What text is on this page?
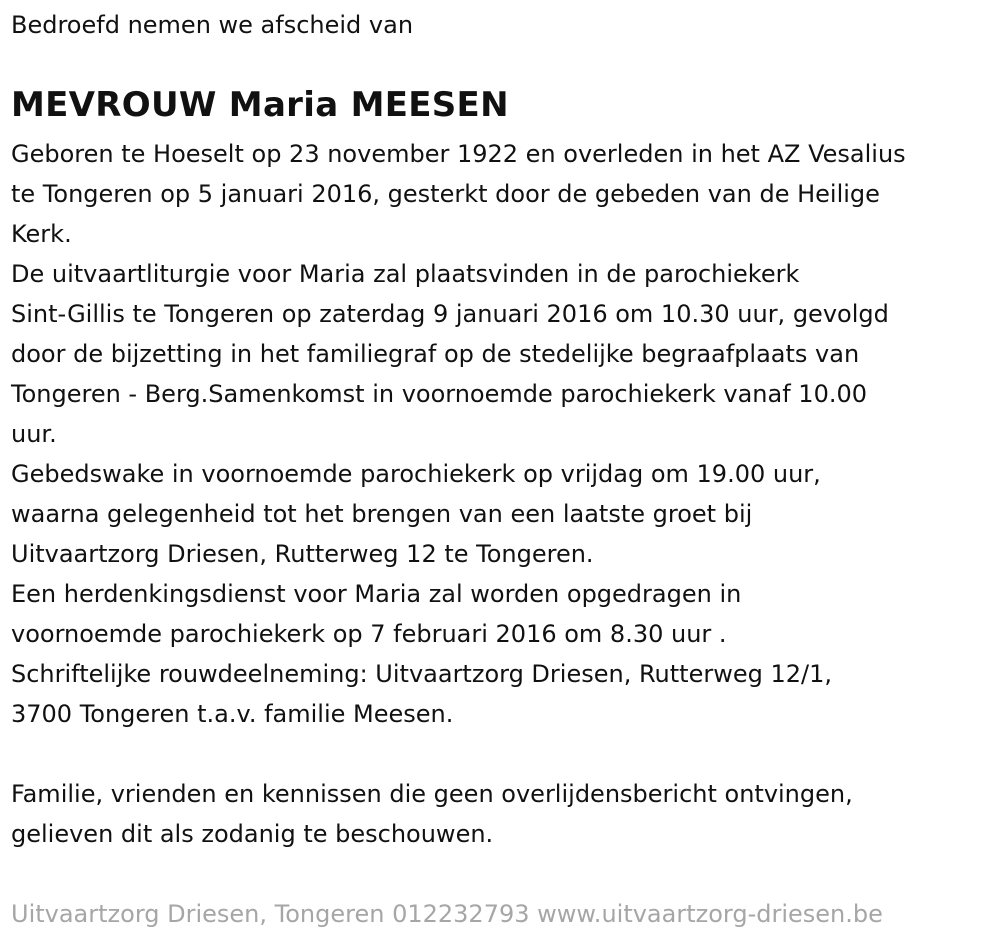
Bedroefd nemen we afscheid van
MEVROUW Maria MEESEN
Geboren te Hoeselt op 23 november 1922 en overleden in het AZ Vesalius
te Tongeren op 5 januari 2016, gesterkt door de gebeden van de Heilige
Kerk.
De uitvaartliturgie voor Maria zal plaatsvinden in de parochiekerk
Sint-Gillis te Tongeren op zaterdag 9 januari 2016 om 10.30 uur, gevolgd
door de bijzetting in het familiegraf op de stedelijke begraafplaats van
Tongeren - Berg.Samenkomst in voornoemde parochiekerk vanaf 10.00
uur.
Gebedswake in voornoemde parochiekerk op vrijdag om 19.00 uur,
waarna gelegenheid tot het brengen van een laatste groet bij
Uitvaartzorg Driesen, Rutterweg 12 te Tongeren.
Een herdenkingsdienst voor Maria zal worden opgedragen in
voornoemde parochiekerk op 7 februari 2016 om 8.30 uur .
Schriftelijke rouwdeelneming: Uitvaartzorg Driesen, Rutterweg 12/1,
3700 Tongeren t.a.v. familie Meesen.
Familie, vrienden en kennissen die geen overlijdensbericht ontvingen,
gelieven dit als zodanig te beschouwen.
Uitvaartzorg Driesen, Tongeren 012232793 www.uitvaartzorg-driesen.be
